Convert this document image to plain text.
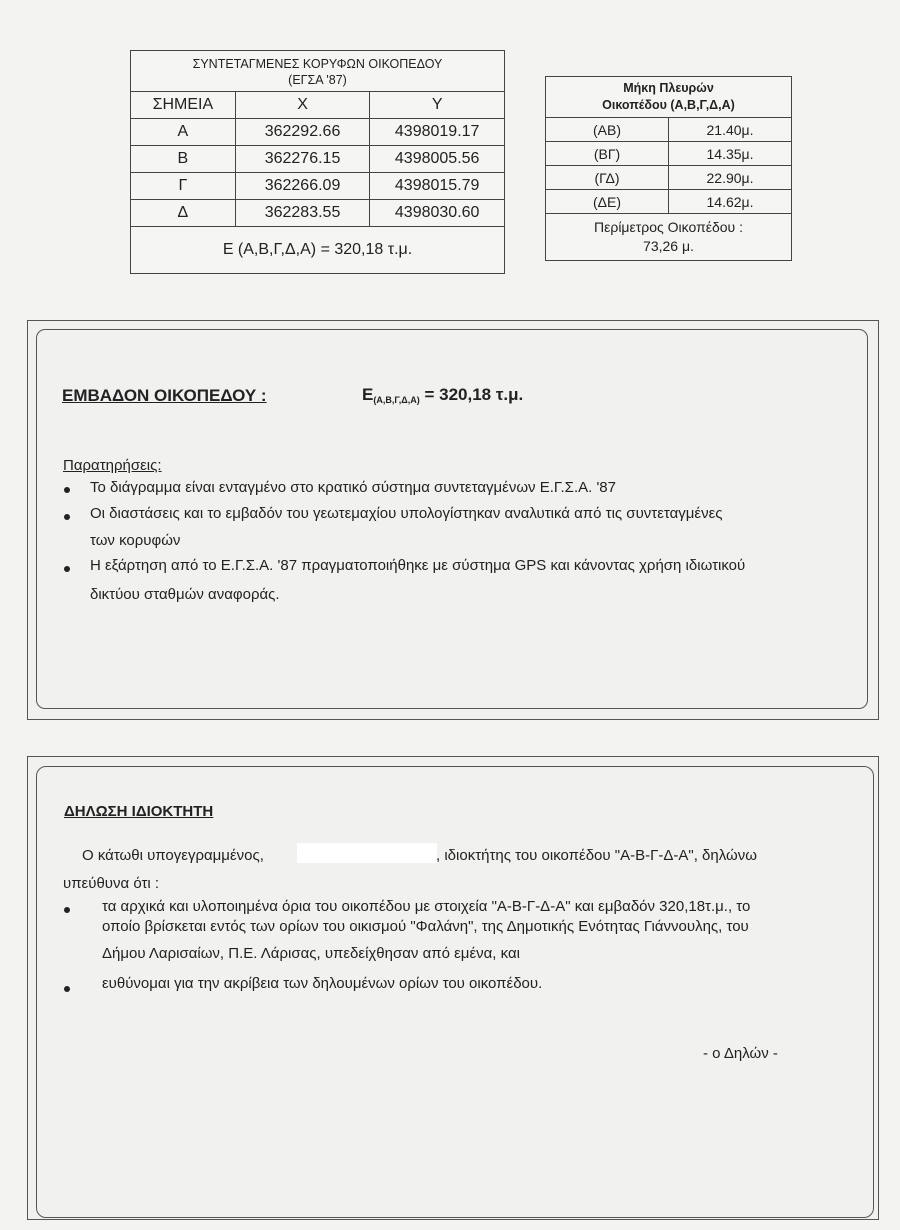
ΣΥΝΤΕΤΑΓΜΕΝΕΣ ΚΟΡΥΦΩΝ ΟΙΚΟΠΕΔΟΥ
(ΕΓΣΑ '87)		

ΣΗΜΕΙΑ	Χ	Υ
Α	362292.66	4398019.17
Β	362276.15	4398005.56
Γ	362266.09	4398015.79
Δ	362283.55	4398030.60
Ε (Α,Β,Γ,Δ,Α) = 320,18 τ.μ.		
Μήκη Πλευρών
Οικοπέδου (Α,Β,Γ,Δ,Α)	

(ΑΒ)	21.40μ.
(ΒΓ)	14.35μ.
(ΓΔ)	22.90μ.
(ΔΕ)	14.62μ.

Περίμετρος Οικοπέδου :
73,26 μ.	
ΕΜΒΑΔΟΝ ΟΙΚΟΠΕΔΟΥ :	Ε(Α,Β,Γ,Δ,Α) = 320,18 τ.μ.
Παρατηρήσεις:
Το διάγραμμα είναι ενταγμένο στο κρατικό σύστημα συντεταγμένων Ε.Γ.Σ.Α. '87
Οι διαστάσεις και το εμβαδόν του γεωτεμαχίου υπολογίστηκαν αναλυτικά από τις συντεταγμένες
των κορυφών
Η εξάρτηση από το Ε.Γ.Σ.Α. '87 πραγματοποιήθηκε με σύστημα GPS και κάνοντας χρήση ιδιωτικού
δικτύου σταθμών αναφοράς.
ΔΗΛΩΣΗ ΙΔΙΟΚΤΗΤΗ
Ο κάτωθι υπογεγραμμένος,	, ιδιοκτήτης του οικοπέδου "Α-Β-Γ-Δ-Α", δηλώνω
υπεύθυνα ότι :
τα αρχικά και υλοποιημένα όρια του οικοπέδου με στοιχεία "Α-Β-Γ-Δ-Α" και εμβαδόν 320,18τ.μ., το
οποίο βρίσκεται εντός των ορίων του οικισμού "Φαλάνη", της Δημοτικής Ενότητας Γιάννουλης, του
Δήμου Λαρισαίων, Π.Ε. Λάρισας, υπεδείχθησαν από εμένα, και
ευθύνομαι για την ακρίβεια των δηλουμένων ορίων του οικοπέδου.
- ο Δηλών -
